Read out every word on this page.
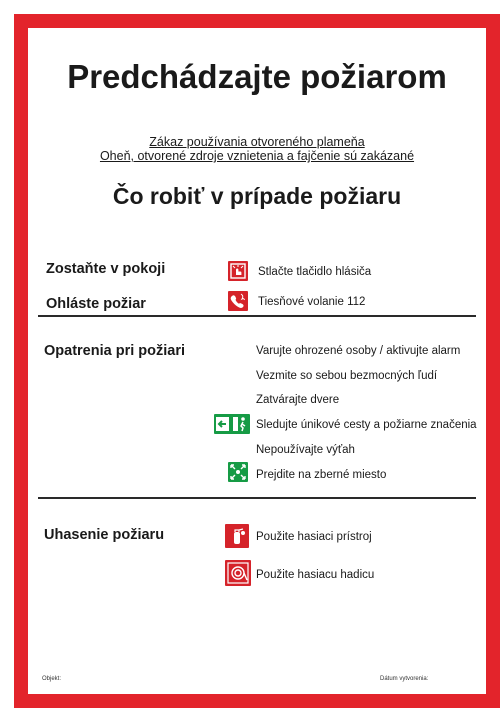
Predchádzajte požiarom
Zákaz používania otvoreného plameňa
Oheň, otvorené zdroje vznietenia a fajčenie sú zakázané
Čo robiť v prípade požiaru
Zostaňte v pokoji	Stlačte tlačidlo hlásiča
Ohláste požiar	Tiesňové volanie 112
Opatrenia pri požiari	Varujte ohrozené osoby / aktivujte alarm
Vezmite so sebou bezmocných ľudí
Zatvárajte dvere
Sledujte únikové cesty a požiarne značenia
Nepoužívajte výťah
Prejdite na zberné miesto
Uhasenie požiaru	Použite hasiaci prístroj
Použite hasiacu hadicu
Objekt:	Dátum vytvorenia:
